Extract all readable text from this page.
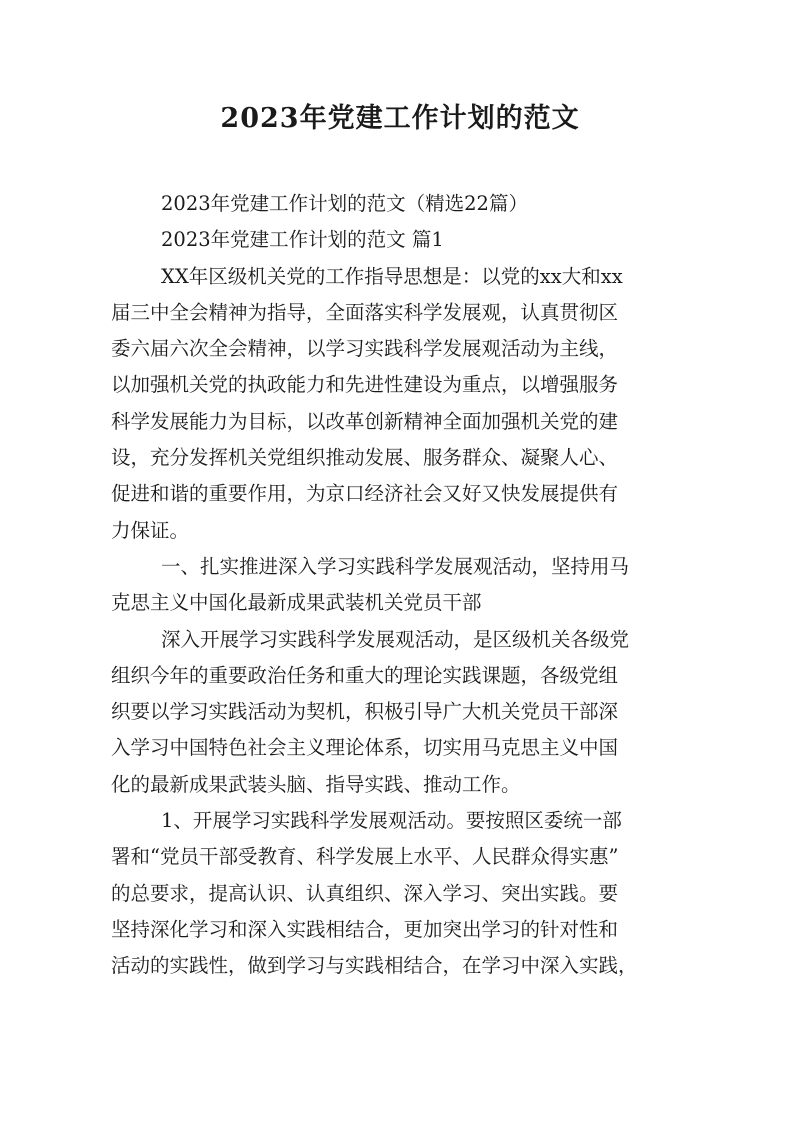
2023年党建工作计划的范文
2023年党建工作计划的范文（精选22篇）
2023年党建工作计划的范文 篇1
XX年区级机关党的工作指导思想是：以党的xx大和xx
届三中全会精神为指导，全面落实科学发展观，认真贯彻区
委六届六次全会精神，以学习实践科学发展观活动为主线，
以加强机关党的执政能力和先进性建设为重点，以增强服务
科学发展能力为目标，以改革创新精神全面加强机关党的建
设，充分发挥机关党组织推动发展、服务群众、凝聚人心、
促进和谐的重要作用，为京口经济社会又好又快发展提供有
力保证。
一、扎实推进深入学习实践科学发展观活动，坚持用马
克思主义中国化最新成果武装机关党员干部
深入开展学习实践科学发展观活动，是区级机关各级党
组织今年的重要政治任务和重大的理论实践课题，各级党组
织要以学习实践活动为契机，积极引导广大机关党员干部深
入学习中国特色社会主义理论体系，切实用马克思主义中国
化的最新成果武装头脑、指导实践、推动工作。
1、开展学习实践科学发展观活动。要按照区委统一部
署和“党员干部受教育、科学发展上水平、人民群众得实惠”
的总要求，提高认识、认真组织、深入学习、突出实践。要
坚持深化学习和深入实践相结合，更加突出学习的针对性和
活动的实践性，做到学习与实践相结合，在学习中深入实践，
